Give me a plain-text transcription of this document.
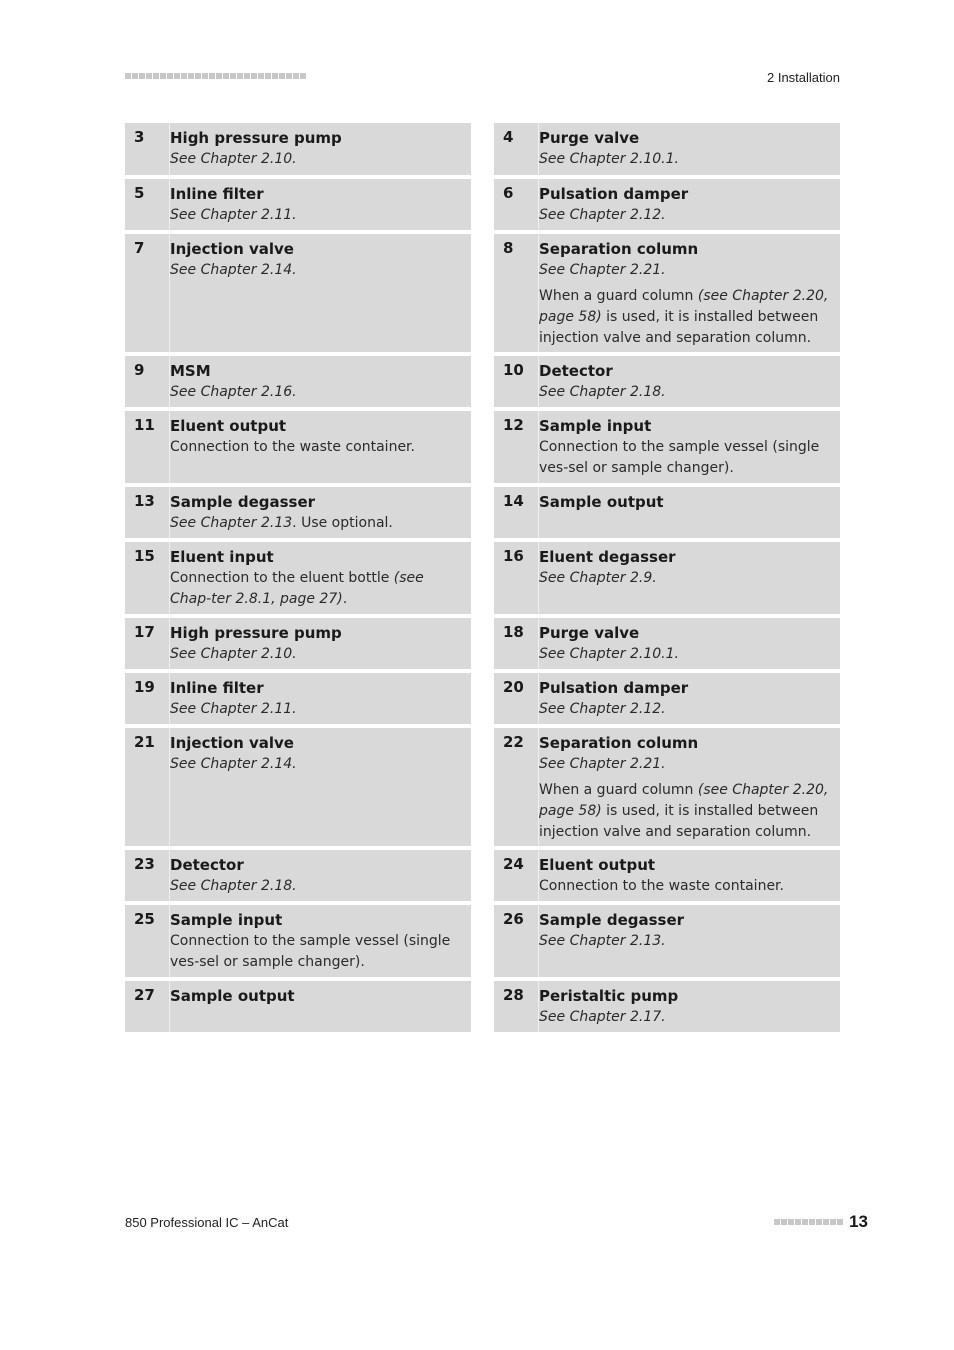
2 Installation
3	High pressure pump
See Chapter 2.10.
5	Inline filter
See Chapter 2.11.
7	Injection valve
See Chapter 2.14.
9	MSM
See Chapter 2.16.
11	Eluent output
Connection to the waste container.
13	Sample degasser
See Chapter 2.13. Use optional.
15	Eluent input
Connection to the eluent bottle (see Chap-ter 2.8.1, page 27).
17	High pressure pump
See Chapter 2.10.
19	Inline filter
See Chapter 2.11.
21	Injection valve
See Chapter 2.14.
23	Detector
See Chapter 2.18.
25	Sample input
Connection to the sample vessel (single ves-sel or sample changer).
27	Sample output
4	Purge valve
See Chapter 2.10.1.
6	Pulsation damper
See Chapter 2.12.
8	Separation column
See Chapter 2.21.
When a guard column (see Chapter 2.20, page 58) is used, it is installed between injection valve and separation column.
10	Detector
See Chapter 2.18.
12	Sample input
Connection to the sample vessel (single ves-sel or sample changer).
14	Sample output
16	Eluent degasser
See Chapter 2.9.
18	Purge valve
See Chapter 2.10.1.
20	Pulsation damper
See Chapter 2.12.
22	Separation column
See Chapter 2.21.
When a guard column (see Chapter 2.20, page 58) is used, it is installed between injection valve and separation column.
24	Eluent output
Connection to the waste container.
26	Sample degasser
See Chapter 2.13.
28	Peristaltic pump
See Chapter 2.17.
850 Professional IC – AnCat	13
